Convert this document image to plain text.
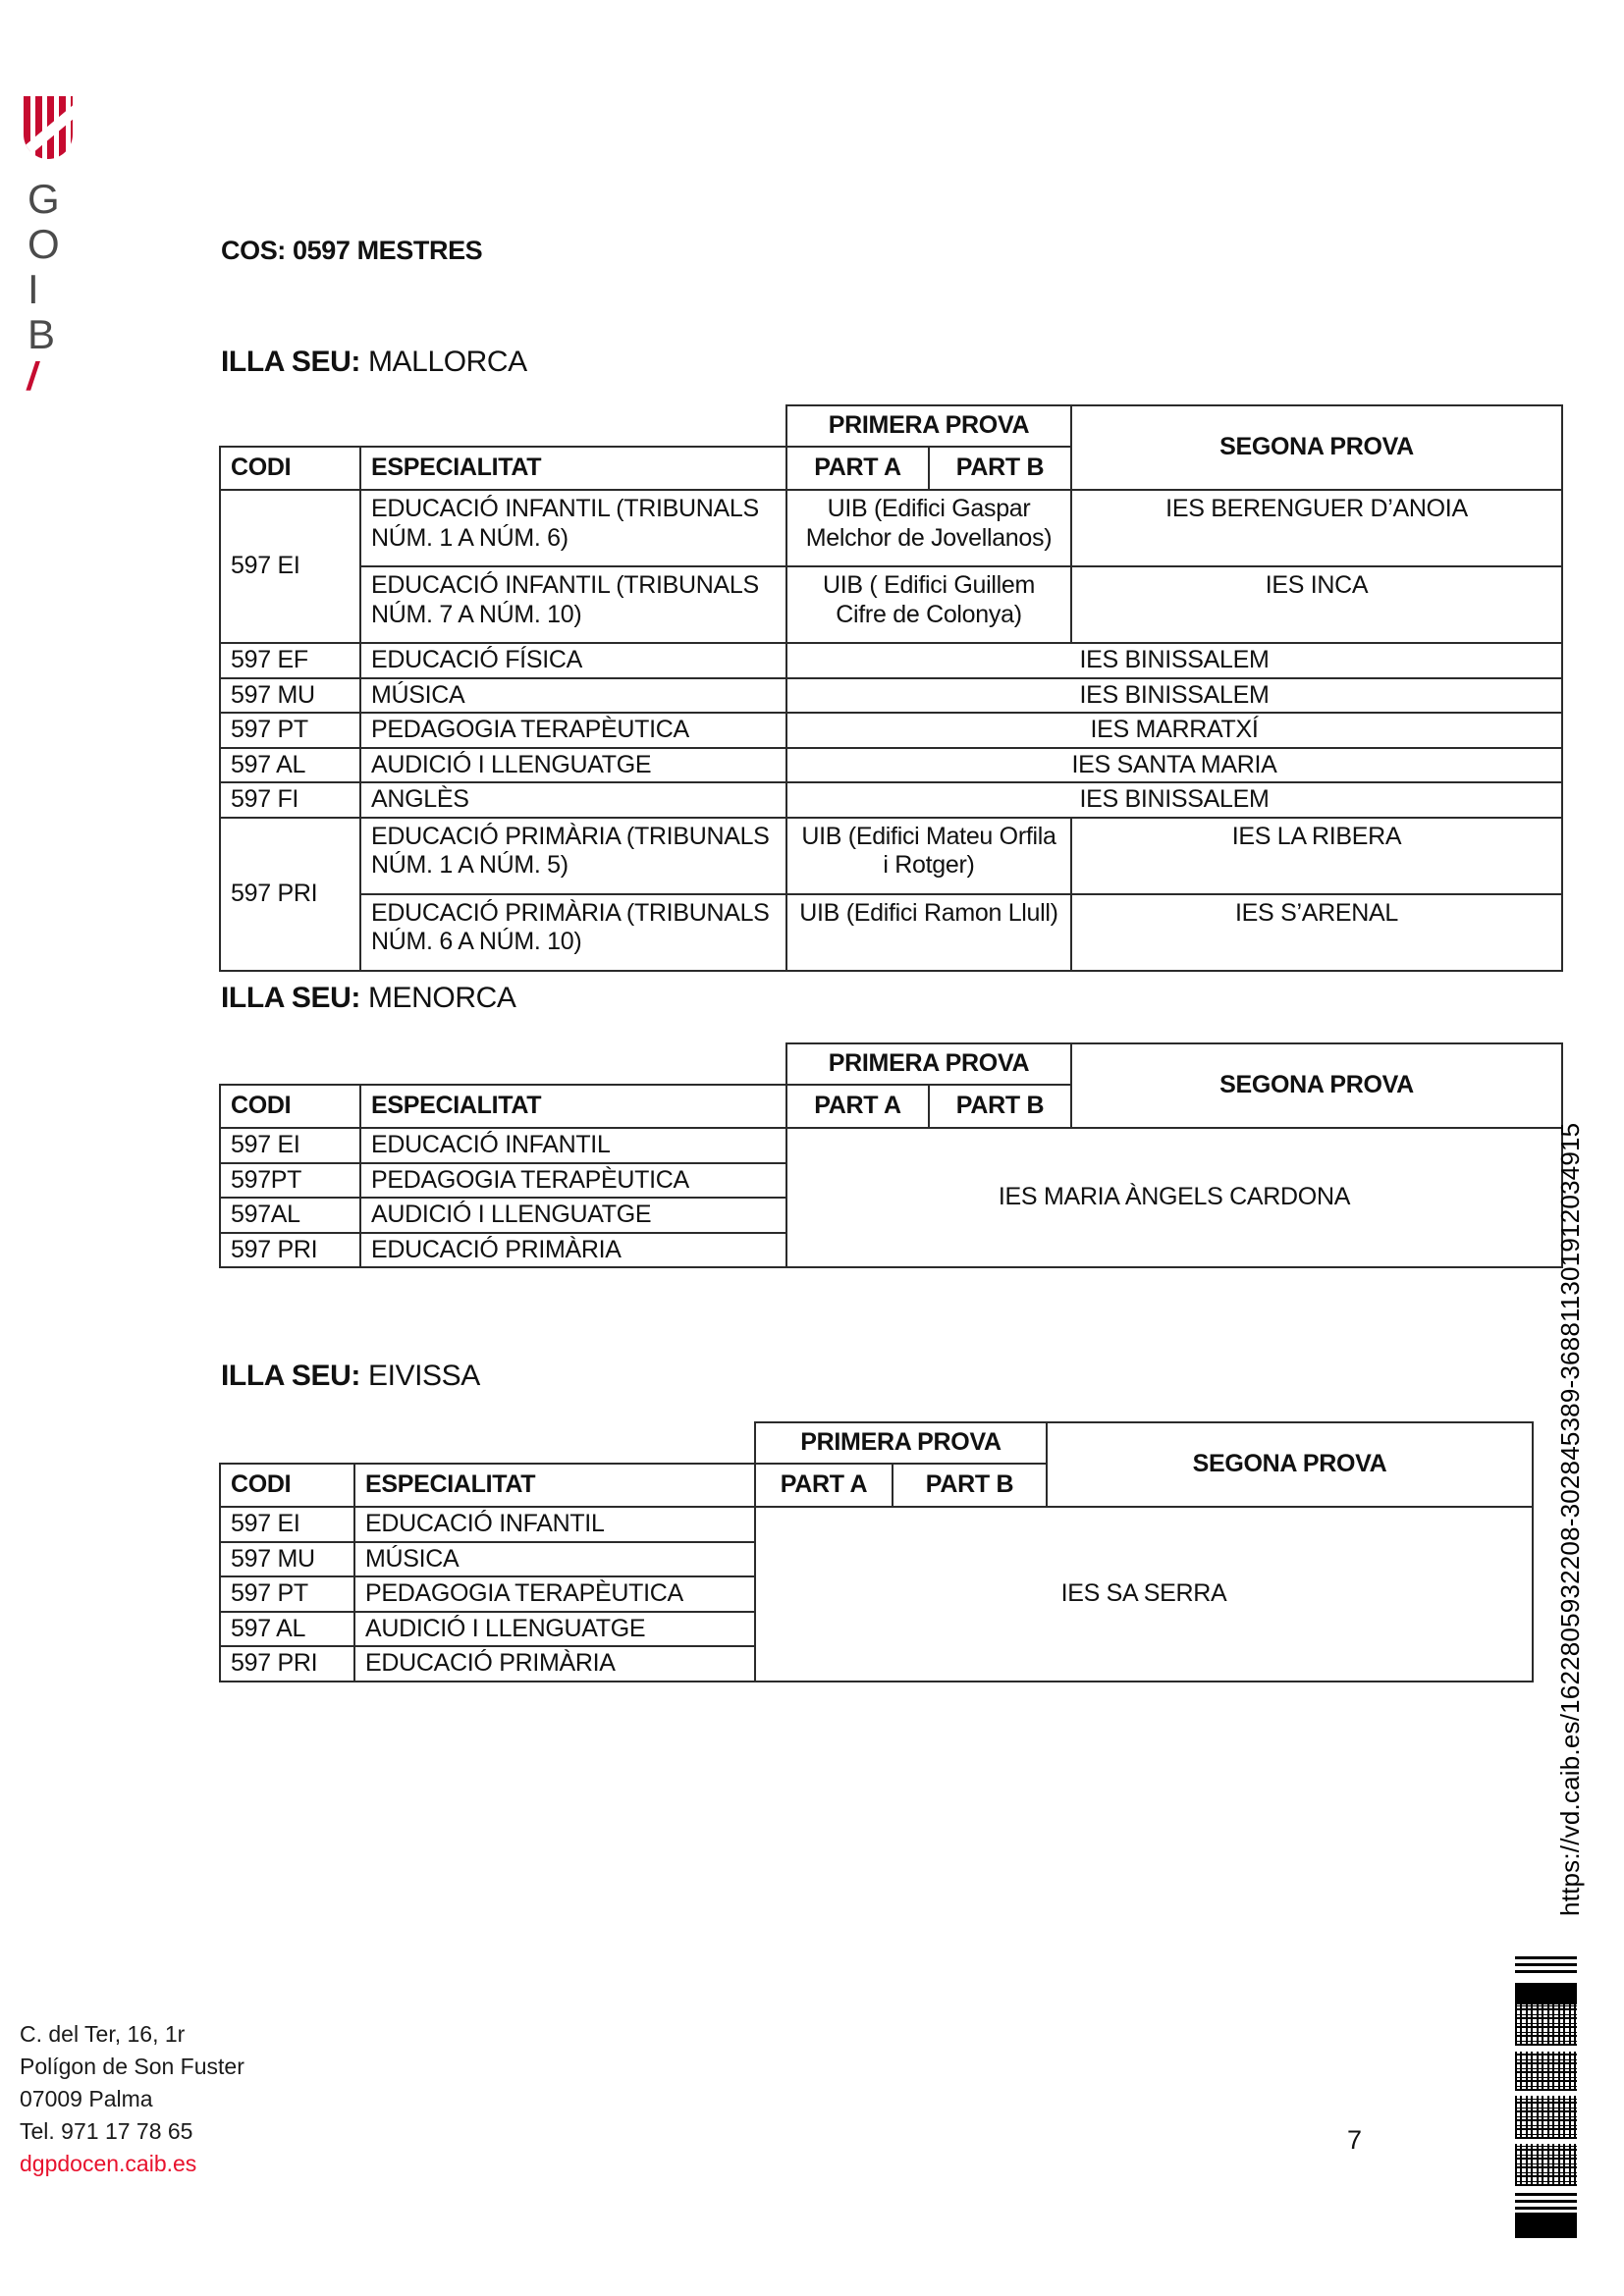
G
O
I
B
/
COS: 0597 MESTRES
ILLA SEU: MALLORCA
		PRIMERA PROVA		SEGONA PROVA
CODI	ESPECIALITAT	PART A	PART B	
597 EI	EDUCACIÓ INFANTIL (TRIBUNALS NÚM. 1 A NÚM. 6)	UIB (Edifici Gaspar Melchor de Jovellanos)		IES BERENGUER D’ANOIA
	EDUCACIÓ INFANTIL (TRIBUNALS NÚM. 7 A NÚM. 10)	UIB ( Edifici Guillem Cifre de Colonya)		IES INCA
597 EF	EDUCACIÓ FÍSICA	IES BINISSALEM		
597 MU	MÚSICA	IES BINISSALEM		
597 PT	PEDAGOGIA TERAPÈUTICA	IES MARRATXÍ		
597 AL	AUDICIÓ I LLENGUATGE	IES SANTA MARIA		
597 FI	ANGLÈS	IES BINISSALEM		
597 PRI	EDUCACIÓ PRIMÀRIA (TRIBUNALS NÚM. 1 A NÚM. 5)	UIB (Edifici Mateu Orfila i Rotger)		IES LA RIBERA
	EDUCACIÓ PRIMÀRIA (TRIBUNALS NÚM. 6 A NÚM. 10)	UIB (Edifici Ramon Llull)		IES S’ARENAL
ILLA SEU: MENORCA
		PRIMERA PROVA		SEGONA PROVA
CODI	ESPECIALITAT	PART A	PART B	
597 EI	EDUCACIÓ INFANTIL	IES MARIA ÀNGELS CARDONA		
597PT	PEDAGOGIA TERAPÈUTICA			
597AL	AUDICIÓ I LLENGUATGE			
597 PRI	EDUCACIÓ PRIMÀRIA			
ILLA SEU: EIVISSA
		PRIMERA PROVA		SEGONA PROVA
CODI	ESPECIALITAT	PART A	PART B	
597 EI	EDUCACIÓ INFANTIL	IES SA SERRA		
597 MU	MÚSICA			
597 PT	PEDAGOGIA TERAPÈUTICA			
597 AL	AUDICIÓ I LLENGUATGE			
597 PRI	EDUCACIÓ PRIMÀRIA				https://vd.caib.es/1622805932208-302845389-368811301912034915
C. del Ter, 16, 1r
Polígon de Son Fuster
07009 Palma
Tel. 971 17 78 65
dgpdocen.caib.es
7
